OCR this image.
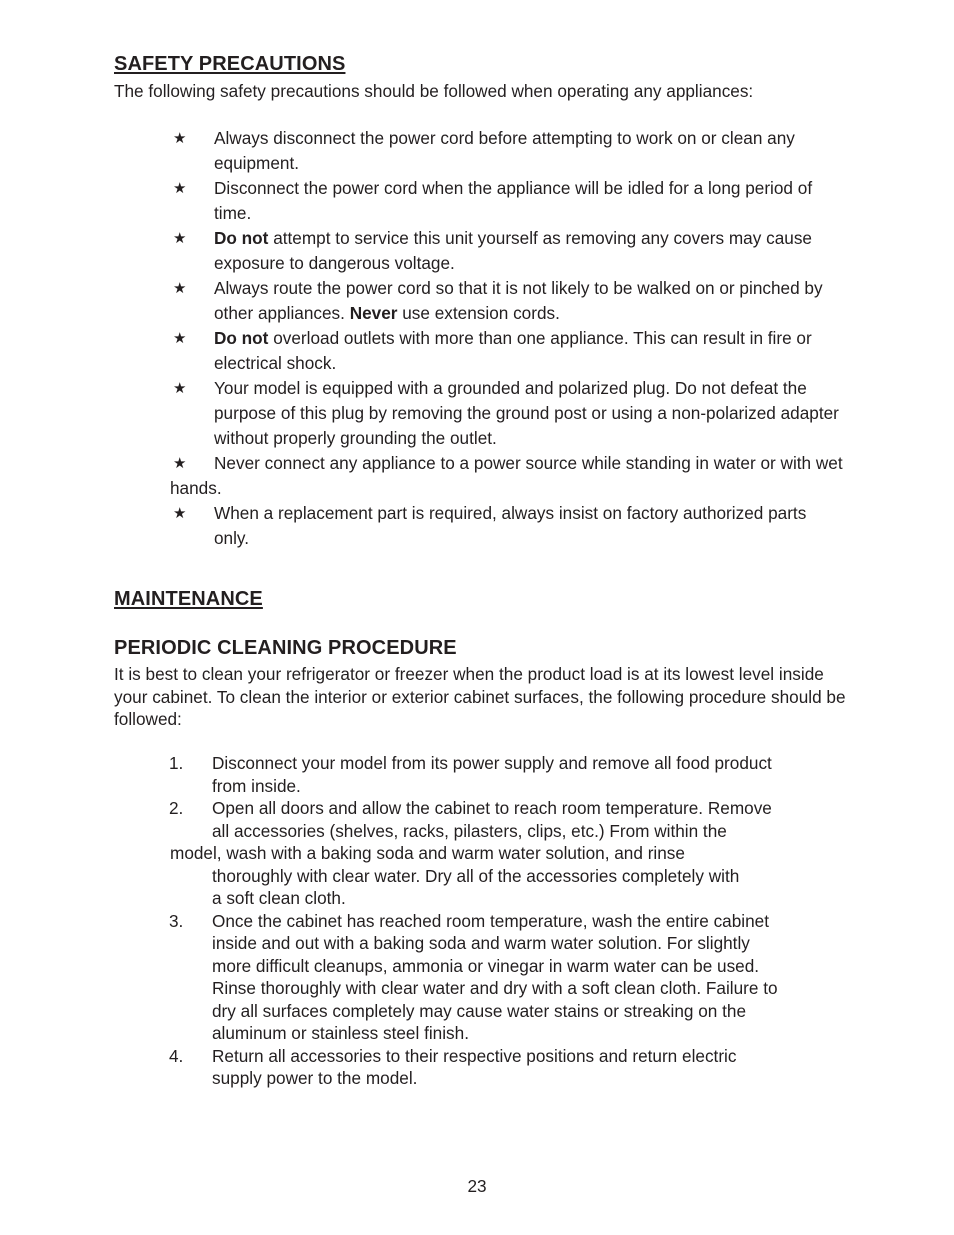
SAFETY PRECAUTIONS

The following safety precautions should be followed when operating any appliances:

★ Always disconnect the power cord before attempting to work on or clean any equipment.
★ Disconnect the power cord when the appliance will be idled for a long period of time.
★ Do not attempt to service this unit yourself as removing any covers may cause exposure to dangerous voltage.
★ Always route the power cord so that it is not likely to be walked on or pinched by other appliances. Never use extension cords.
★ Do not overload outlets with more than one appliance. This can result in fire or electrical shock.
★ Your model is equipped with a grounded and polarized plug. Do not defeat the purpose of this plug by removing the ground post or using a non-polarized adapter without properly grounding the outlet.
★	Never connect any appliance to a power source while standing in water or with wet hands.
★ When a replacement part is required, always insist on factory authorized parts only.
MAINTENANCE
PERIODIC CLEANING PROCEDURE

It is best to clean your refrigerator or freezer when the product load is at its lowest level inside your cabinet. To clean the interior or exterior cabinet surfaces, the following procedure should be followed:

1. Disconnect your model from its power supply and remove all food product
from inside.
2. Open all doors and allow the cabinet to reach room temperature. Remove
all accessories (shelves, racks, pilasters, clips, etc.) From within the
model, wash with a baking soda and warm water solution, and rinse
thoroughly with clear water. Dry all of the accessories completely with
a soft clean cloth.
3. Once the cabinet has reached room temperature, wash the entire cabinet
inside and out with a baking soda and warm water solution. For slightly
more difficult cleanups, ammonia or vinegar in warm water can be used.
Rinse thoroughly with clear water and dry with a soft clean cloth. Failure to
dry all surfaces completely may cause water stains or streaking on the
aluminum or stainless steel finish.
4. Return all accessories to their respective positions and return electric
supply power to the model.
23
